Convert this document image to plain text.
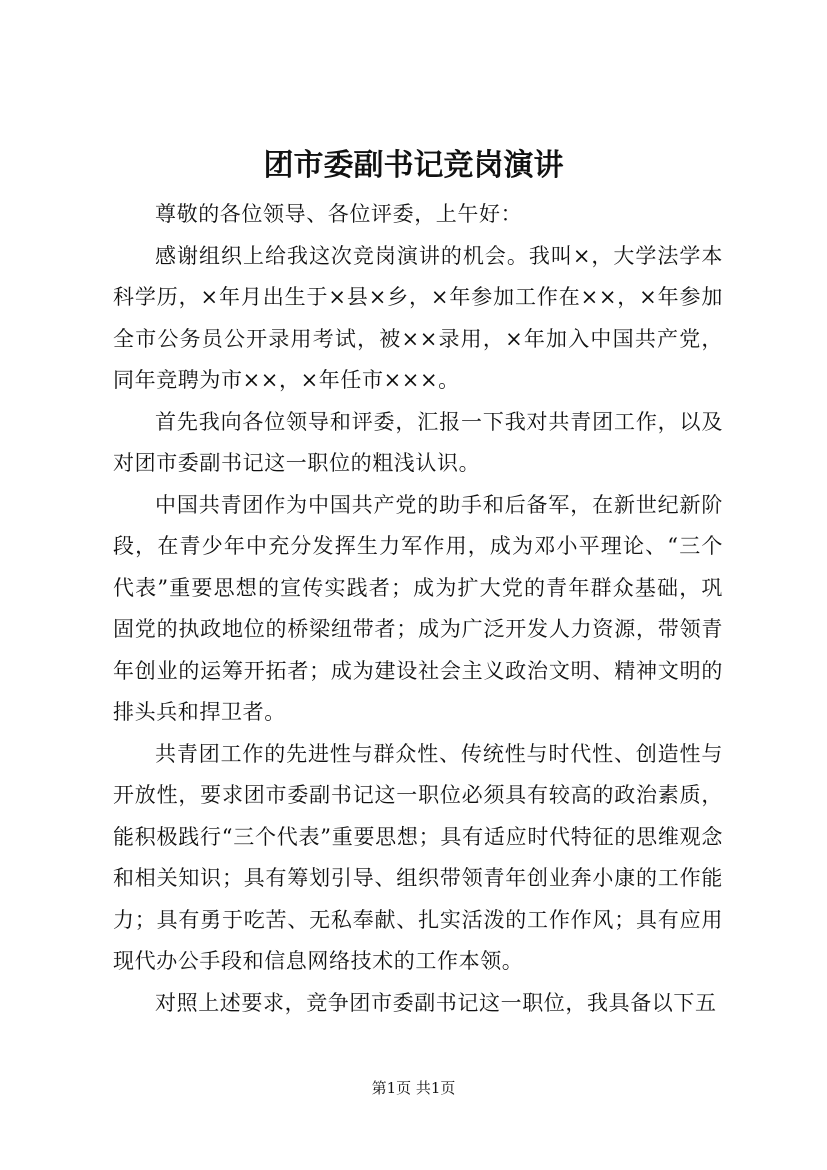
团市委副书记竞岗演讲

尊敬的各位领导、各位评委，上午好：

感谢组织上给我这次竞岗演讲的机会。我叫×，大学法学本科学历，×年月出生于×县×乡，×年参加工作在××，×年参加全市公务员公开录用考试，被××录用，×年加入中国共产党，同年竞聘为市××，×年任市×××。

首先我向各位领导和评委，汇报一下我对共青团工作，以及对团市委副书记这一职位的粗浅认识。

中国共青团作为中国共产党的助手和后备军，在新世纪新阶段，在青少年中充分发挥生力军作用，成为邓小平理论、“三个代表”重要思想的宣传实践者；成为扩大党的青年群众基础，巩固党的执政地位的桥梁纽带者；成为广泛开发人力资源，带领青年创业的运筹开拓者；成为建设社会主义政治文明、精神文明的排头兵和捍卫者。

共青团工作的先进性与群众性、传统性与时代性、创造性与开放性，要求团市委副书记这一职位必须具有较高的政治素质，能积极践行“三个代表”重要思想；具有适应时代特征的思维观念和相关知识；具有筹划引导、组织带领青年创业奔小康的工作能力；具有勇于吃苦、无私奉献、扎实活泼的工作作风；具有应用现代办公手段和信息网络技术的工作本领。

对照上述要求，竞争团市委副书记这一职位，我具备以下五

第1页 共1页
